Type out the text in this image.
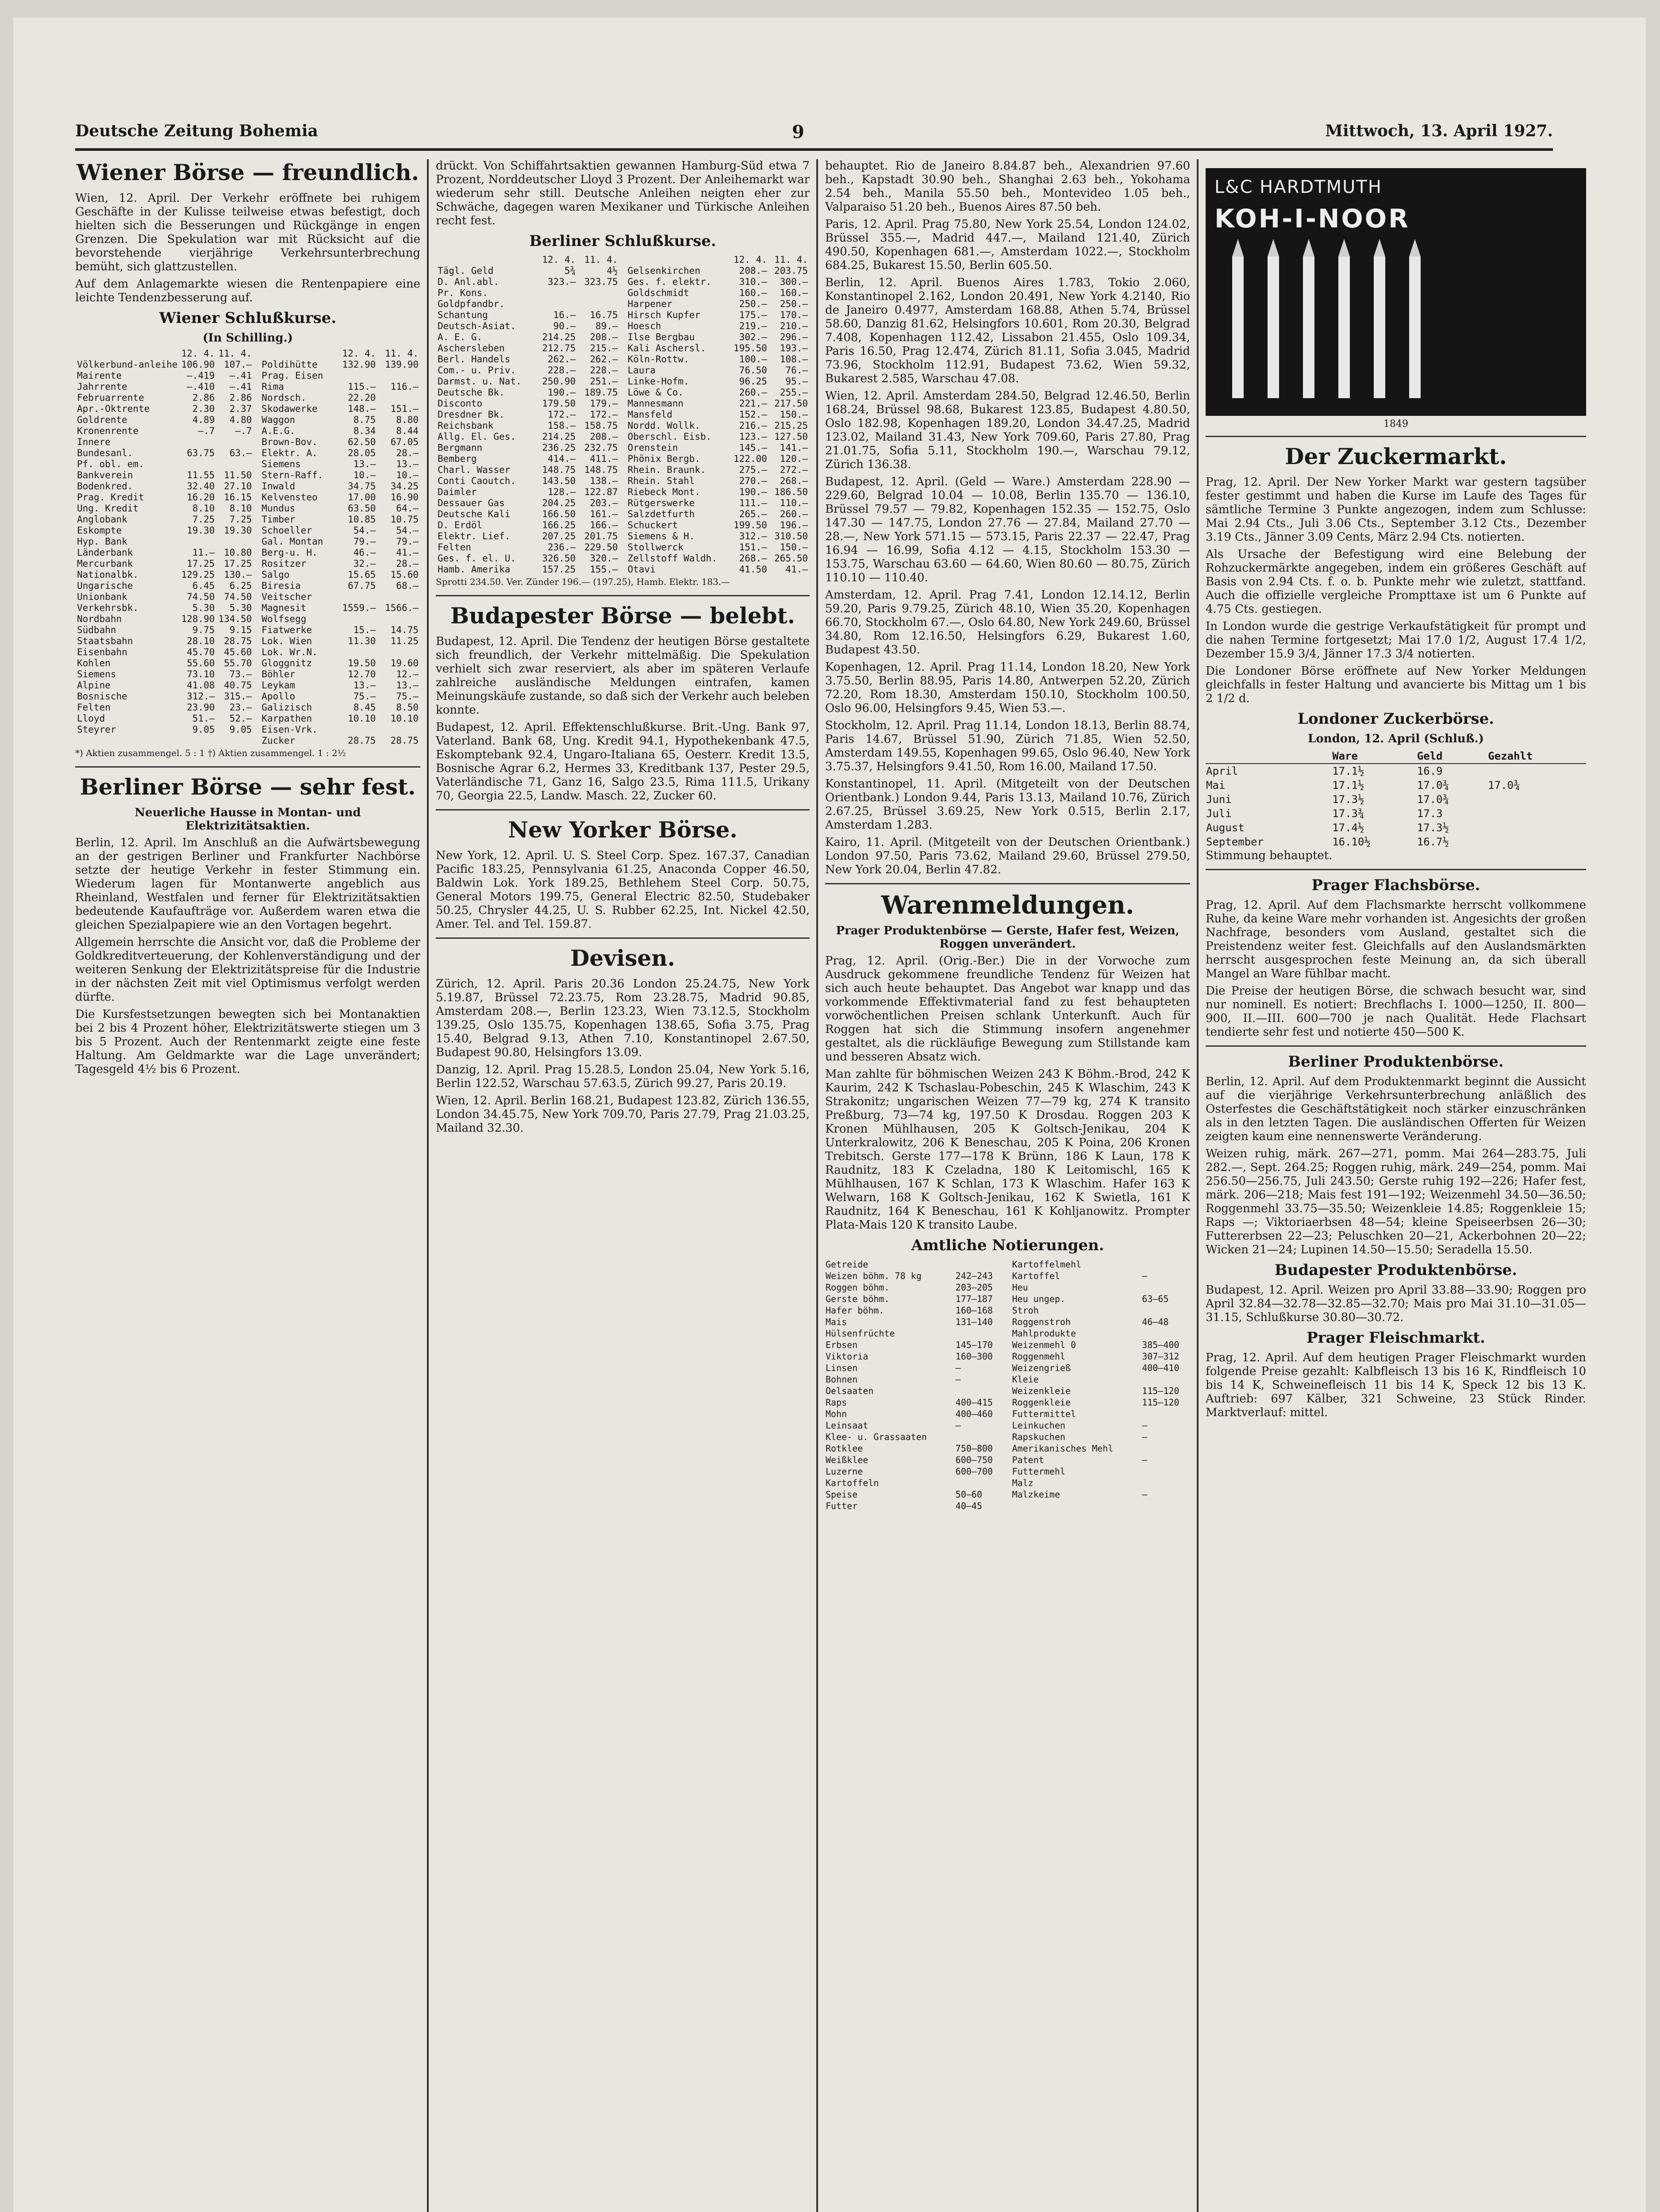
Deutsche Zeitung Bohemia	9	Mittwoch, 13. April 1927.
Wiener Börse — freundlich.

Wien, 12. April. Der Verkehr eröffnete bei ruhigem Geschäfte in der Kulisse teilweise etwas befestigt, doch hielten sich die Besserungen und Rückgänge in engen Grenzen. Die Spekulation war mit Rücksicht auf die bevorstehende vierjährige Verkehrsunterbrechung bemüht, sich glattzustellen.

Auf dem Anlagemarkte wiesen die Rentenpapiere eine leichte Tendenzbesserung auf.

Wiener Schlußkurse.
(In Schilling.)
	12. 4.	11. 4.
Völkerbund-anleihe	106.90	107.—
Mairente	—.419	—.41
Jahrrente	—.410	—.41
Februarrente	2.86	2.86
Apr.-Oktrente	2.30	2.37
Goldrente	4.89	4.80
Kronenrente	—.7	—.7
Innere		
Bundesanl.	63.75	63.—
Pf. obl. em.		
Bankverein	11.55	11.50
Bodenkred.	32.40	27.10
Prag. Kredit	16.20	16.15
Ung. Kredit	8.10	8.10
Anglobank	7.25	7.25
Eskompte	19.30	19.30
Hyp. Bank		
Länderbank	11.—	10.80
Mercurbank	17.25	17.25
Nationalbk.	129.25	130.—
Ungarische	6.45	6.25
Unionbank	74.50	74.50
Verkehrsbk.	5.30	5.30
Nordbahn	128.90	134.50
Südbahn	9.75	9.15
Staatsbahn	28.10	28.75
Eisenbahn	45.70	45.60
Kohlen	55.60	55.70
Siemens	73.10	73.—
Alpine	41.08	40.75
Bosnische	312.—	315.—
Felten	23.90	23.—
Lloyd	51.—	52.—
Steyrer	9.05	9.05
	12. 4.	11. 4.
Poldihütte	132.90	139.90
Prag. Eisen		
Rima	115.—	116.—
Nordsch.	22.20	
Skodawerke	148.—	151.—
Waggon	8.75	8.80
A.E.G.	8.34	8.44
Brown-Bov.	62.50	67.05
Elektr. A.	28.05	28.—
Siemens	13.—	13.—
Stern-Raff.	10.—	10.—
Inwald	34.75	34.25
Kelvensteo	17.00	16.90
Mundus	63.50	64.—
Timber	10.85	10.75
Schoeller	54.—	54.—
Gal. Montan	79.—	79.—
Berg-u. H.	46.—	41.—
Rositzer	32.—	28.—
Salgo	15.65	15.60
Biresia	67.75	68.—
Veitscher		
Magnesit	1559.—	1566.—
Wolfsegg		
Fiatwerke	15.—	14.75
Lok. Wien	11.30	11.25
Lok. Wr.N.		
Gloggnitz	19.50	19.60
Böhler	12.70	12.—
Leykam	13.—	13.—
Apollo	75.—	75.—
Galizisch	8.45	8.50
Karpathen	10.10	10.10
Eisen-Vrk.		
Zucker	28.75	28.75

*) Aktien zusammengel. 5 : 1 †) Aktien zusammengel. 1 : 2½

Berliner Börse — sehr fest.
Neuerliche Hausse in Montan- und Elektrizitätsaktien.

Berlin, 12. April. Im Anschluß an die Aufwärtsbewegung an der gestrigen Berliner und Frankfurter Nachbörse setzte der heutige Verkehr in fester Stimmung ein. Wiederum lagen für Montanwerte angeblich aus Rheinland, Westfalen und ferner für Elektrizitätsaktien bedeutende Kaufaufträge vor. Außerdem waren etwa die gleichen Spezialpapiere wie an den Vortagen begehrt.

Allgemein herrschte die Ansicht vor, daß die Probleme der Goldkreditverteuerung, der Kohlenverständigung und der weiteren Senkung der Elektrizitätspreise für die Industrie in der nächsten Zeit mit viel Optimismus verfolgt werden dürfte.

Die Kursfestsetzungen bewegten sich bei Montanaktien bei 2 bis 4 Prozent höher, Elektrizitätswerte stiegen um 3 bis 5 Prozent. Auch der Rentenmarkt zeigte eine feste Haltung. Am Geldmarkte war die Lage unverändert; Tagesgeld 4½ bis 6 Prozent.

drückt. Von Schiffahrtsaktien gewannen Hamburg-Süd etwa 7 Prozent, Norddeutscher Lloyd 3 Prozent. Der Anleihemarkt war wiederum sehr still. Deutsche Anleihen neigten eher zur Schwäche, dagegen waren Mexikaner und Türkische Anleihen recht fest.

Berliner Schlußkurse.
	12. 4.	11. 4.
Tägl. Geld	5¾	4½
D. Anl.abl.	323.—	323.75
Pr. Kons.		
Goldpfandbr.		
Schantung	16.—	16.75
Deutsch-Asiat.	90.—	89.—
A. E. G.	214.25	208.—
Aschersleben	212.75	215.—
Berl. Handels	262.—	262.—
Com.- u. Priv.	228.—	228.—
Darmst. u. Nat.	250.90	251.—
Deutsche Bk.	190.—	189.75
Disconto	179.50	179.—
Dresdner Bk.	172.—	172.—
Reichsbank	158.—	158.75
Allg. El. Ges.	214.25	208.—
Bergmann	236.25	232.75
Bemberg	414.—	411.—
Charl. Wasser	148.75	148.75
Conti Caoutch.	143.50	138.—
Daimler	128.—	122.87
Dessauer Gas	204.25	203.—
Deutsche Kali	166.50	161.—
D. Erdöl	166.25	166.—
Elektr. Lief.	207.25	201.75
Felten	236.—	229.50
Ges. f. el. U.	326.50	320.—
Hamb. Amerika	157.25	155.—
	12. 4.	11. 4.
Gelsenkirchen	208.—	203.75
Ges. f. elektr.	310.—	300.—
Goldschmidt	160.—	160.—
Harpener	250.—	250.—
Hirsch Kupfer	175.—	170.—
Hoesch	219.—	210.—
Ilse Bergbau	302.—	296.—
Kali Aschersl.	195.50	193.—
Köln-Rottw.	100.—	108.—
Laura	76.50	76.—
Linke-Hofm.	96.25	95.—
Löwe & Co.	260.—	255.—
Mannesmann	221.—	217.50
Mansfeld	152.—	150.—
Nordd. Wollk.	216.—	215.25
Oberschl. Eisb.	123.—	127.50
Orenstein	145.—	141.—
Phönix Bergb.	122.00	120.—
Rhein. Braunk.	275.—	272.—
Rhein. Stahl	270.—	268.—
Riebeck Mont.	190.—	186.50
Rütgerswerke	111.—	110.—
Salzdetfurth	265.—	260.—
Schuckert	199.50	196.—
Siemens & H.	312.—	310.50
Stollwerck	151.—	150.—
Zellstoff Waldh.	268.—	265.50
Otavi	41.50	41.—

Sprotti 234.50. Ver. Zünder 196.— (197.25), Hamb. Elektr. 183.—

Budapester Börse — belebt.

Budapest, 12. April. Die Tendenz der heutigen Börse gestaltete sich freundlich, der Verkehr mittelmäßig. Die Spekulation verhielt sich zwar reserviert, als aber im späteren Verlaufe zahlreiche ausländische Meldungen eintrafen, kamen Meinungskäufe zustande, so daß sich der Verkehr auch beleben konnte.

Budapest, 12. April. Effektenschlußkurse. Brit.-Ung. Bank 97, Vaterland. Bank 68, Ung. Kredit 94.1, Hypothekenbank 47.5, Eskomptebank 92.4, Ungaro-Italiana 65, Oesterr. Kredit 13.5, Bosnische Agrar 6.2, Hermes 33, Kreditbank 137, Pester 29.5, Vaterländische 71, Ganz 16, Salgo 23.5, Rima 111.5, Urikany 70, Georgia 22.5, Landw. Masch. 22, Zucker 60.

New Yorker Börse.

New York, 12. April. U. S. Steel Corp. Spez. 167.37, Canadian Pacific 183.25, Pennsylvania 61.25, Anaconda Copper 46.50, Baldwin Lok. York 189.25, Bethlehem Steel Corp. 50.75, General Motors 199.75, General Electric 82.50, Studebaker 50.25, Chrysler 44.25, U. S. Rubber 62.25, Int. Nickel 42.50, Amer. Tel. and Tel. 159.87.

Devisen.

Zürich, 12. April. Paris 20.36 London 25.24.75, New York 5.19.87, Brüssel 72.23.75, Rom 23.28.75, Madrid 90.85, Amsterdam 208.—, Berlin 123.23, Wien 73.12.5, Stockholm 139.25, Oslo 135.75, Kopenhagen 138.65, Sofia 3.75, Prag 15.40, Belgrad 9.13, Athen 7.10, Konstantinopel 2.67.50, Budapest 90.80, Helsingfors 13.09.

Danzig, 12. April. Prag 15.28.5, London 25.04, New York 5.16, Berlin 122.52, Warschau 57.63.5, Zürich 99.27, Paris 20.19.

Wien, 12. April. Berlin 168.21, Budapest 123.82, Zürich 136.55, London 34.45.75, New York 709.70, Paris 27.79, Prag 21.03.25, Mailand 32.30.

behauptet. Rio de Janeiro 8.84.87 beh., Alexandrien 97.60 beh., Kapstadt 30.90 beh., Shanghai 2.63 beh., Yokohama 2.54 beh., Manila 55.50 beh., Montevideo 1.05 beh., Valparaiso 51.20 beh., Buenos Aires 87.50 beh.

Paris, 12. April. Prag 75.80, New York 25.54, London 124.02, Brüssel 355.—, Madrid 447.—, Mailand 121.40, Zürich 490.50, Kopenhagen 681.—, Amsterdam 1022.—, Stockholm 684.25, Bukarest 15.50, Berlin 605.50.

Berlin, 12. April. Buenos Aires 1.783, Tokio 2.060, Konstantinopel 2.162, London 20.491, New York 4.2140, Rio de Janeiro 0.4977, Amsterdam 168.88, Athen 5.74, Brüssel 58.60, Danzig 81.62, Helsingfors 10.601, Rom 20.30, Belgrad 7.408, Kopenhagen 112.42, Lissabon 21.455, Oslo 109.34, Paris 16.50, Prag 12.474, Zürich 81.11, Sofia 3.045, Madrid 73.96, Stockholm 112.91, Budapest 73.62, Wien 59.32, Bukarest 2.585, Warschau 47.08.

Wien, 12. April. Amsterdam 284.50, Belgrad 12.46.50, Berlin 168.24, Brüssel 98.68, Bukarest 123.85, Budapest 4.80.50, Oslo 182.98, Kopenhagen 189.20, London 34.47.25, Madrid 123.02, Mailand 31.43, New York 709.60, Paris 27.80, Prag 21.01.75, Sofia 5.11, Stockholm 190.—, Warschau 79.12, Zürich 136.38.

Budapest, 12. April. (Geld — Ware.) Amsterdam 228.90 — 229.60, Belgrad 10.04 — 10.08, Berlin 135.70 — 136.10, Brüssel 79.57 — 79.82, Kopenhagen 152.35 — 152.75, Oslo 147.30 — 147.75, London 27.76 — 27.84, Mailand 27.70 — 28.—, New York 571.15 — 573.15, Paris 22.37 — 22.47, Prag 16.94 — 16.99, Sofia 4.12 — 4.15, Stockholm 153.30 — 153.75, Warschau 63.60 — 64.60, Wien 80.60 — 80.75, Zürich 110.10 — 110.40.

Amsterdam, 12. April. Prag 7.41, London 12.14.12, Berlin 59.20, Paris 9.79.25, Zürich 48.10, Wien 35.20, Kopenhagen 66.70, Stockholm 67.—, Oslo 64.80, New York 249.60, Brüssel 34.80, Rom 12.16.50, Helsingfors 6.29, Bukarest 1.60, Budapest 43.50.

Kopenhagen, 12. April. Prag 11.14, London 18.20, New York 3.75.50, Berlin 88.95, Paris 14.80, Antwerpen 52.20, Zürich 72.20, Rom 18.30, Amsterdam 150.10, Stockholm 100.50, Oslo 96.00, Helsingfors 9.45, Wien 53.—.

Stockholm, 12. April. Prag 11.14, London 18.13, Berlin 88.74, Paris 14.67, Brüssel 51.90, Zürich 71.85, Wien 52.50, Amsterdam 149.55, Kopenhagen 99.65, Oslo 96.40, New York 3.75.37, Helsingfors 9.41.50, Rom 16.00, Mailand 17.50.

Konstantinopel, 11. April. (Mitgeteilt von der Deutschen Orientbank.) London 9.44, Paris 13.13, Mailand 10.76, Zürich 2.67.25, Brüssel 3.69.25, New York 0.515, Berlin 2.17, Amsterdam 1.283.

Kairo, 11. April. (Mitgeteilt von der Deutschen Orientbank.) London 97.50, Paris 73.62, Mailand 29.60, Brüssel 279.50, New York 20.04, Berlin 47.82.

Warenmeldungen.
Prager Produktenbörse — Gerste, Hafer fest, Weizen, Roggen unverändert.

Prag, 12. April. (Orig.-Ber.) Die in der Vorwoche zum Ausdruck gekommene freundliche Tendenz für Weizen hat sich auch heute behauptet. Das Angebot war knapp und das vorkommende Effektivmaterial fand zu fest behaupteten vorwöchentlichen Preisen schlank Unterkunft. Auch für Roggen hat sich die Stimmung insofern angenehmer gestaltet, als die rückläufige Bewegung zum Stillstande kam und besseren Absatz wich.

Man zahlte für böhmischen Weizen 243 K Böhm.-Brod, 242 K Kaurim, 242 K Tschaslau-Pobeschin, 245 K Wlaschim, 243 K Strakonitz; ungarischen Weizen 77—79 kg, 274 K transito Preßburg, 73—74 kg, 197.50 K Drosdau. Roggen 203 K Kronen Mühlhausen, 205 K Goltsch-Jenikau, 204 K Unterkralowitz, 206 K Beneschau, 205 K Poina, 206 Kronen Trebitsch. Gerste 177—178 K Brünn, 186 K Laun, 178 K Raudnitz, 183 K Czeladna, 180 K Leitomischl, 165 K Mühlhausen, 167 K Schlan, 173 K Wlaschim. Hafer 163 K Welwarn, 168 K Goltsch-Jenikau, 162 K Swietla, 161 K Raudnitz, 164 K Beneschau, 161 K Kohljanowitz. Prompter Plata-Mais 120 K transito Laube.

Amtliche Notierungen.
Getreide	
Weizen böhm. 78 kg	242—243
Roggen böhm.	203—205
Gerste böhm.	177—187
Hafer böhm.	160—168
Mais	131—140
Hülsenfrüchte	
Erbsen	145—170
Viktoria	160—300
Linsen	—
Bohnen	—
Oelsaaten	
Raps	400—415
Mohn	400—460
Leinsaat	—
Klee- u. Grassaaten	
Rotklee	750—800
Weißklee	600—750
Luzerne	600—700
Kartoffeln	
Speise	50—60
Futter	40—45
Kartoffelmehl	
Kartoffel	—
Heu	
Heu ungep.	63—65
Stroh	
Roggenstroh	46—48
Mahlprodukte	
Weizenmehl 0	385—400
Roggenmehl	307—312
Weizengrieß	400—410
Kleie	
Weizenkleie	115—120
Roggenkleie	115—120
Futtermittel	
Leinkuchen	—
Rapskuchen	—
Amerikanisches Mehl	
Patent	—
Futtermehl	
Malz	
Malzkeime	—
L&C HARDTMUTH
KOH-I-NOOR
1849
Der Zuckermarkt.

Prag, 12. April. Der New Yorker Markt war gestern tagsüber fester gestimmt und haben die Kurse im Laufe des Tages für sämtliche Termine 3 Punkte angezogen, indem zum Schlusse: Mai 2.94 Cts., Juli 3.06 Cts., September 3.12 Cts., Dezember 3.19 Cts., Jänner 3.09 Cents, März 2.94 Cts. notierten.

Als Ursache der Befestigung wird eine Belebung der Rohzuckermärkte angegeben, indem ein größeres Geschäft auf Basis von 2.94 Cts. f. o. b. Punkte mehr wie zuletzt, stattfand. Auch die offizielle vergleiche Prompttaxe ist um 6 Punkte auf 4.75 Cts. gestiegen.

In London wurde die gestrige Verkaufstätigkeit für prompt und die nahen Termine fortgesetzt; Mai 17.0 1/2, August 17.4 1/2, Dezember 15.9 3/4, Jänner 17.3 3/4 notierten.

Die Londoner Börse eröffnete auf New Yorker Meldungen gleichfalls in fester Haltung und avancierte bis Mittag um 1 bis 2 1/2 d.

Londoner Zuckerbörse.
London, 12. April (Schluß.)
	Ware	Geld	Gezahlt
April	17.1½	16.9	
Mai	17.1½	17.0¾	17.0¾
Juni	17.3½	17.0¾	
Juli	17.3¾	17.3	
August	17.4½	17.3½	
September	16.10½	16.7½	

Stimmung behauptet.

Prager Flachsbörse.

Prag, 12. April. Auf dem Flachsmarkte herrscht vollkommene Ruhe, da keine Ware mehr vorhanden ist. Angesichts der großen Nachfrage, besonders vom Ausland, gestaltet sich die Preistendenz weiter fest. Gleichfalls auf den Auslandsmärkten herrscht ausgesprochen feste Meinung an, da sich überall Mangel an Ware fühlbar macht.

Die Preise der heutigen Börse, die schwach besucht war, sind nur nominell. Es notiert: Brechflachs I. 1000—1250, II. 800—900, II.—III. 600—700 je nach Qualität. Hede Flachsart tendierte sehr fest und notierte 450—500 K.

Berliner Produktenbörse.

Berlin, 12. April. Auf dem Produktenmarkt beginnt die Aussicht auf die vierjährige Verkehrsunterbrechung anläßlich des Osterfestes die Geschäftstätigkeit noch stärker einzuschränken als in den letzten Tagen. Die ausländischen Offerten für Weizen zeigten kaum eine nennenswerte Veränderung.

Weizen ruhig, märk. 267—271, pomm. Mai 264—283.75, Juli 282.—, Sept. 264.25; Roggen ruhig, märk. 249—254, pomm. Mai 256.50—256.75, Juli 243.50; Gerste ruhig 192—226; Hafer fest, märk. 206—218; Mais fest 191—192; Weizenmehl 34.50—36.50; Roggenmehl 33.75—35.50; Weizenkleie 14.85; Roggenkleie 15; Raps —; Viktoriaerbsen 48—54; kleine Speiseerbsen 26—30; Futtererbsen 22—23; Peluschken 20—21, Ackerbohnen 20—22; Wicken 21—24; Lupinen 14.50—15.50; Seradella 15.50.

Budapester Produktenbörse.

Budapest, 12. April. Weizen pro April 33.88—33.90; Roggen pro April 32.84—32.78—32.85—32.70; Mais pro Mai 31.10—31.05—31.15, Schlußkurse 30.80—30.72.

Prager Fleischmarkt.

Prag, 12. April. Auf dem heutigen Prager Fleischmarkt wurden folgende Preise gezahlt: Kalbfleisch 13 bis 16 K, Rindfleisch 10 bis 14 K, Schweinefleisch 11 bis 14 K, Speck 12 bis 13 K. Auftrieb: 697 Kälber, 321 Schweine, 23 Stück Rinder. Marktverlauf: mittel.
